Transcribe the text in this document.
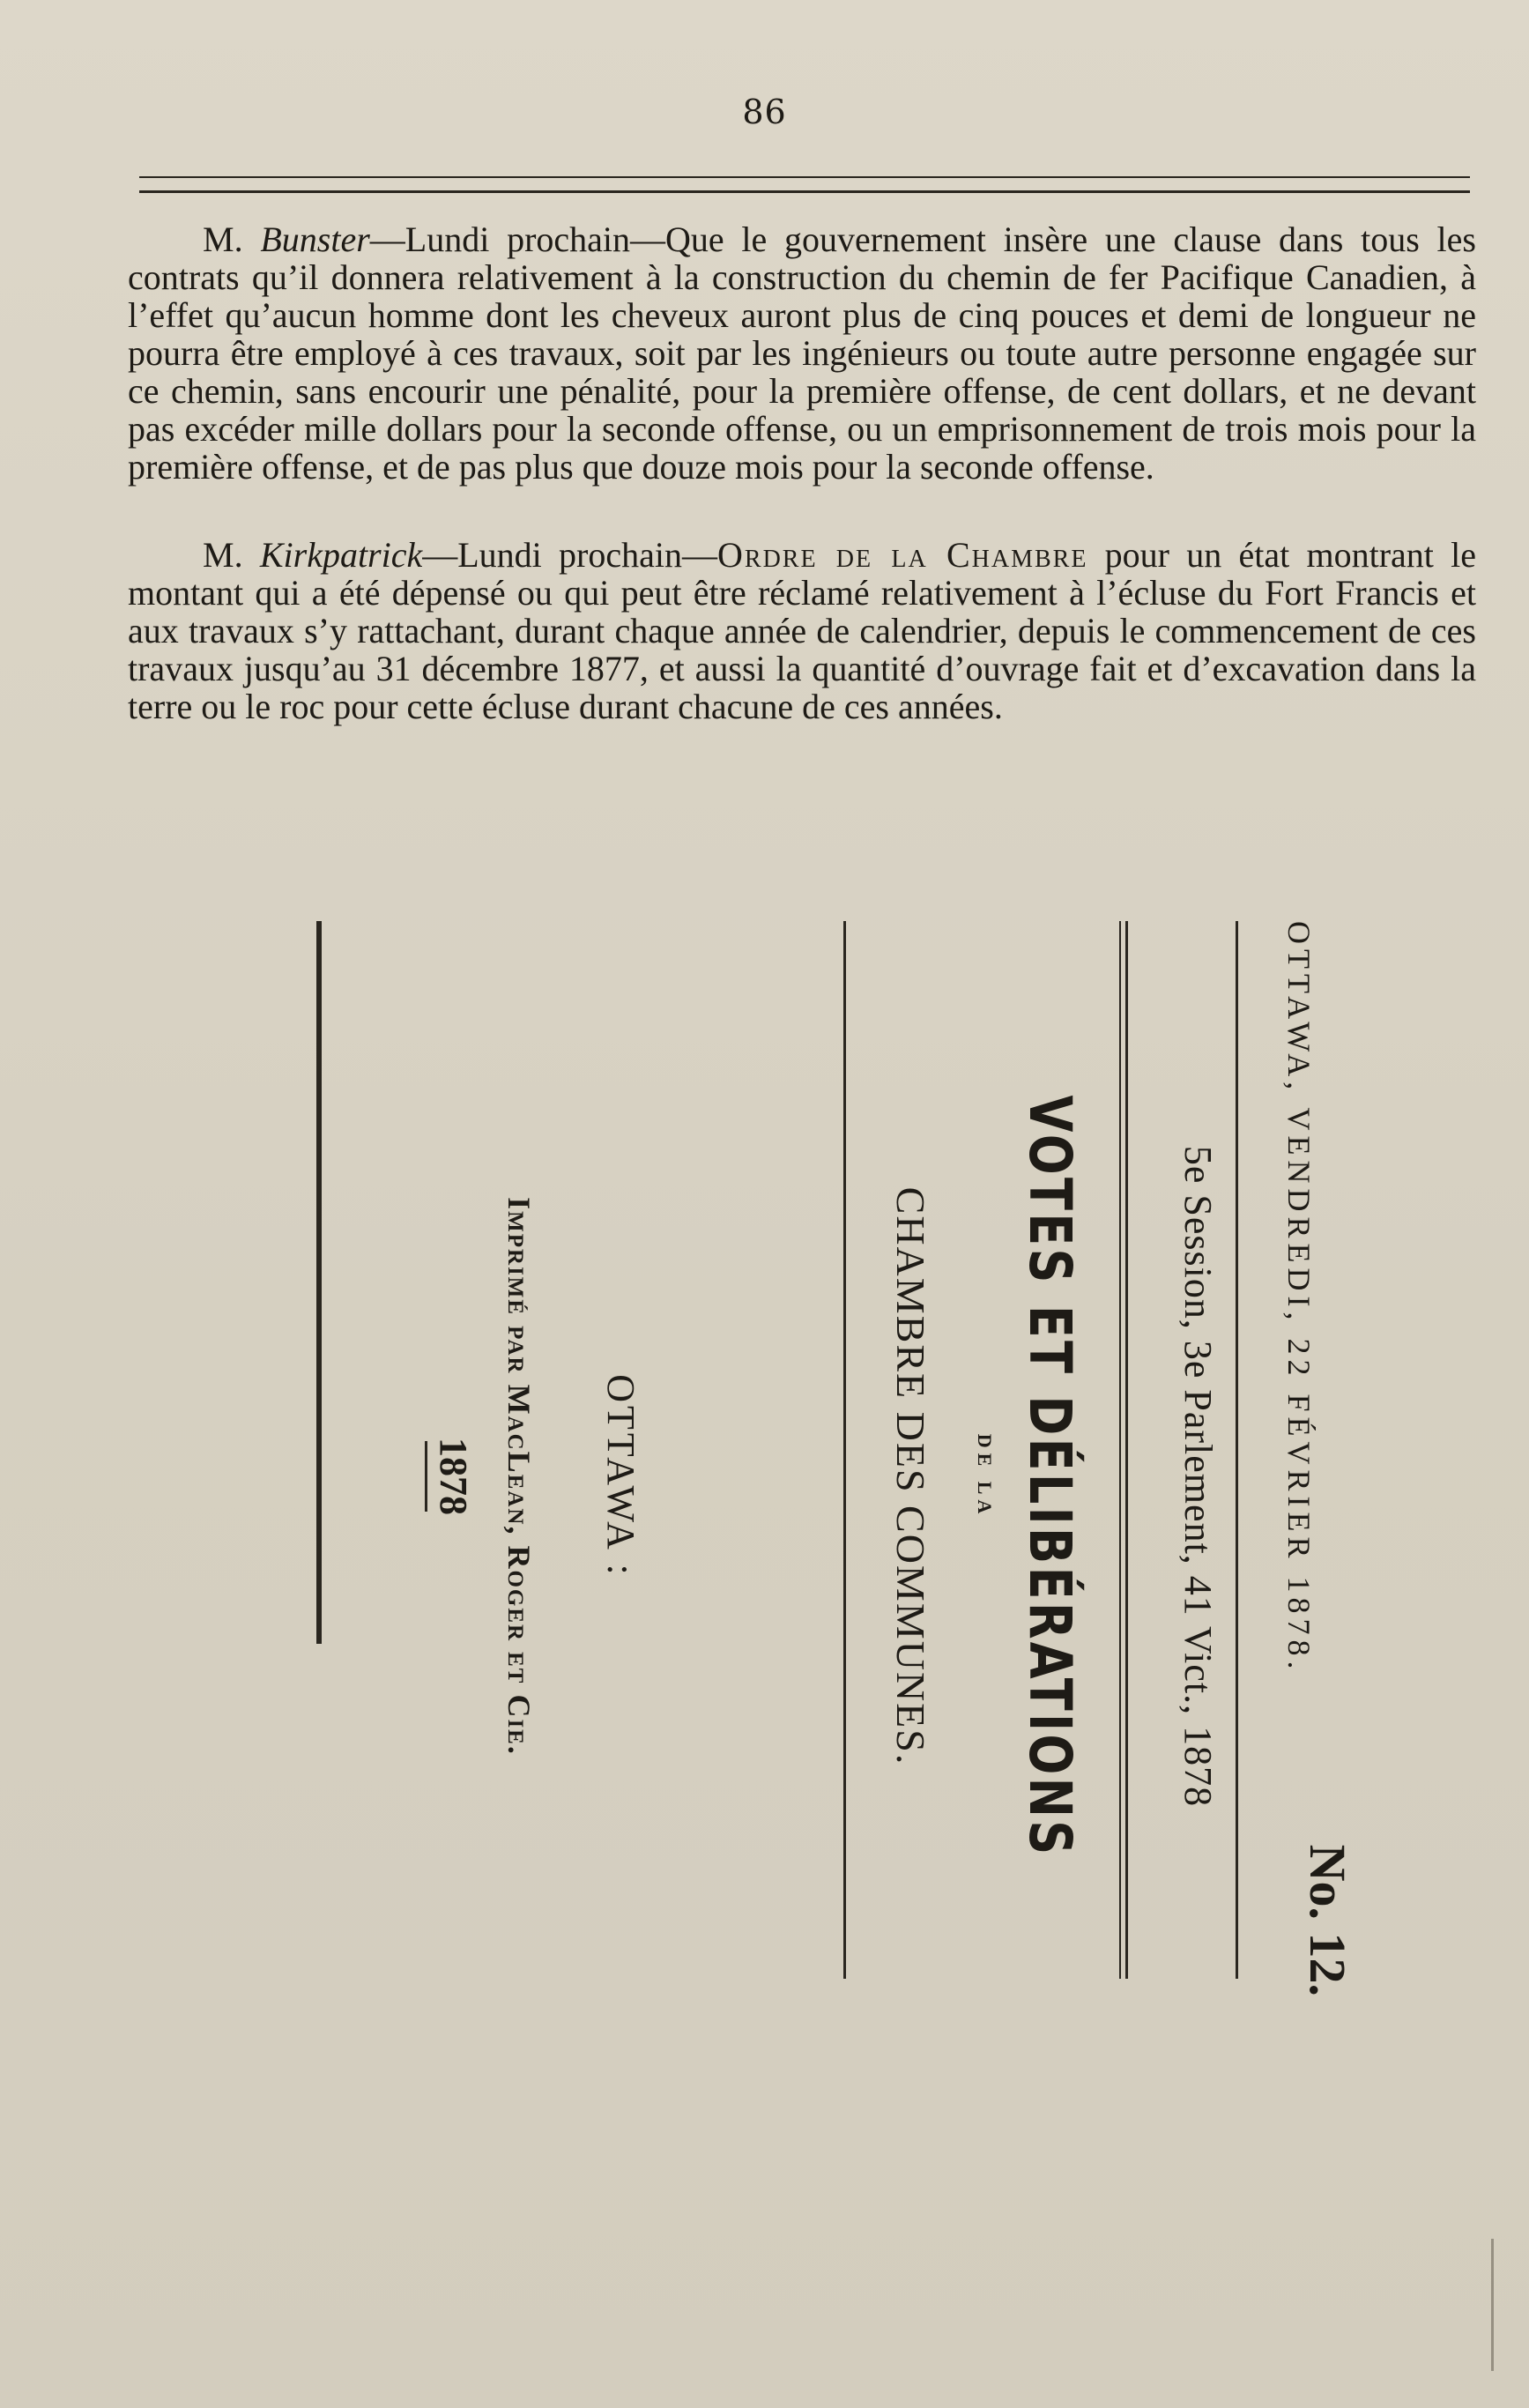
86

M. Bunster—Lundi prochain—Que le gouvernement insère une clause dans tous les contrats qu’il donnera relativement à la construction du chemin de fer Pacifique Canadien, à l’effet qu’aucun homme dont les cheveux auront plus de cinq pouces et demi de longueur ne pourra être employé à ces travaux, soit par les ingénieurs ou toute autre personne engagée sur ce chemin, sans encourir une pénalité, pour la première offense, de cent dollars, et ne devant pas excéder mille dollars pour la seconde offense, ou un emprisonnement de trois mois pour la première offense, et de pas plus que douze mois pour la seconde offense.

M. Kirkpatrick—Lundi prochain—Ordre de la Chambre pour un état montrant le montant qui a été dépensé ou qui peut être réclamé relativement à l’écluse du Fort Francis et aux travaux s’y rattachant, durant chaque année de calendrier, depuis le commencement de ces travaux jusqu’au 31 décembre 1877, et aussi la quantité d’ouvrage fait et d’excavation dans la terre ou le roc pour cette écluse durant chacune de ces années.

No. 12.
OTTAWA, VENDREDI, 22 FÉVRIER 1878.
5e Session, 3e Parlement, 41 Vict., 1878
VOTES ET DÉLIBÉRATIONS
DE LA
CHAMBRE DES COMMUNES.
OTTAWA :
Imprimé par MacLean, Roger et Cie.
1878
